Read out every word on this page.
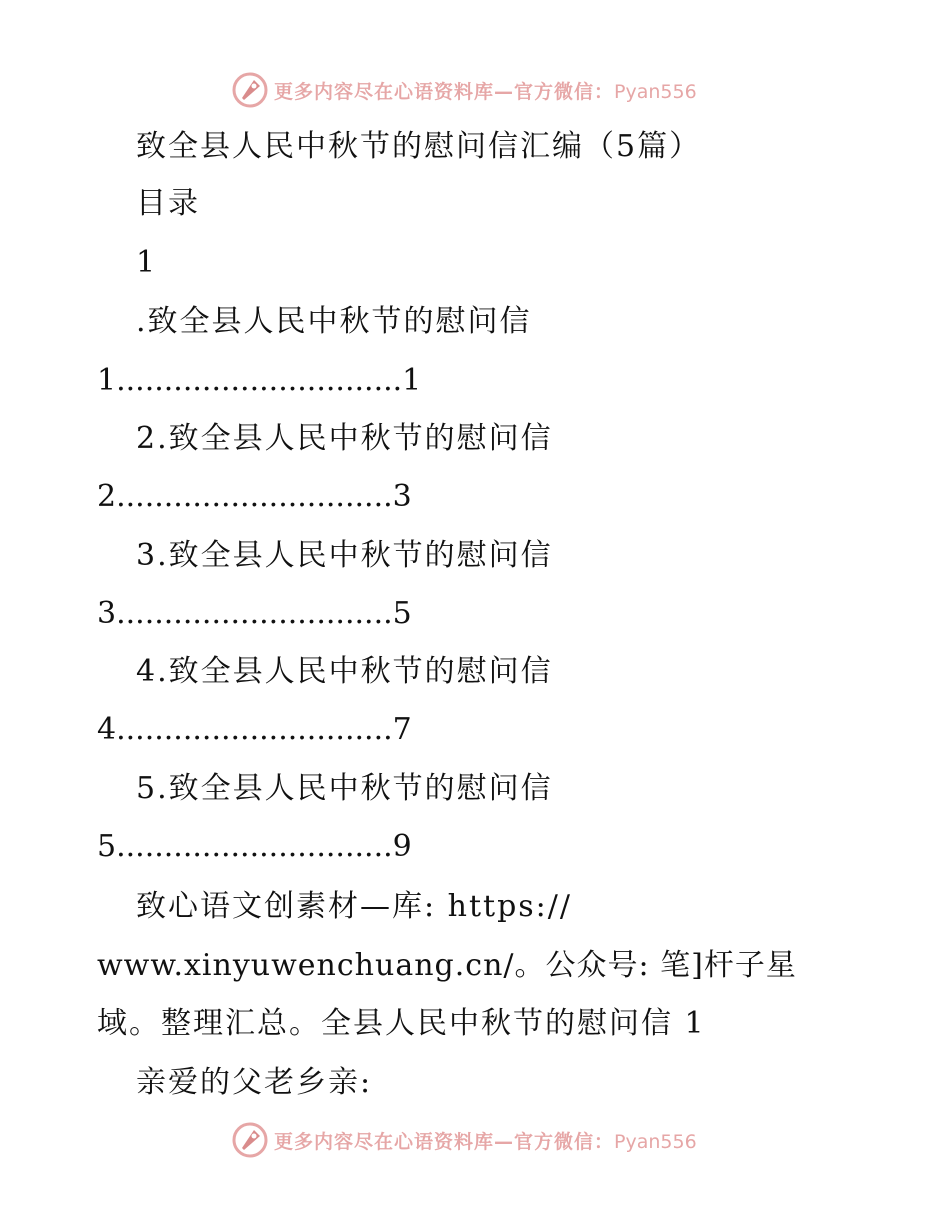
更多内容尽在心语资料库—官方微信：Pyan556
致全县人民中秋节的慰问信汇编（5篇）
目录
1
.致全县人民中秋节的慰问信
1..............................1
2.致全县人民中秋节的慰问信
2.............................3
3.致全县人民中秋节的慰问信
3.............................5
4.致全县人民中秋节的慰问信
4.............................7
5.致全县人民中秋节的慰问信
5.............................9
致心语文创素材—库: https://
www.xinyuwenchuang.cn/。公众号: 笔]杆子星
域。整理汇总。全县人民中秋节的慰问信 1
亲爱的父老乡亲:
更多内容尽在心语资料库—官方微信：Pyan556
